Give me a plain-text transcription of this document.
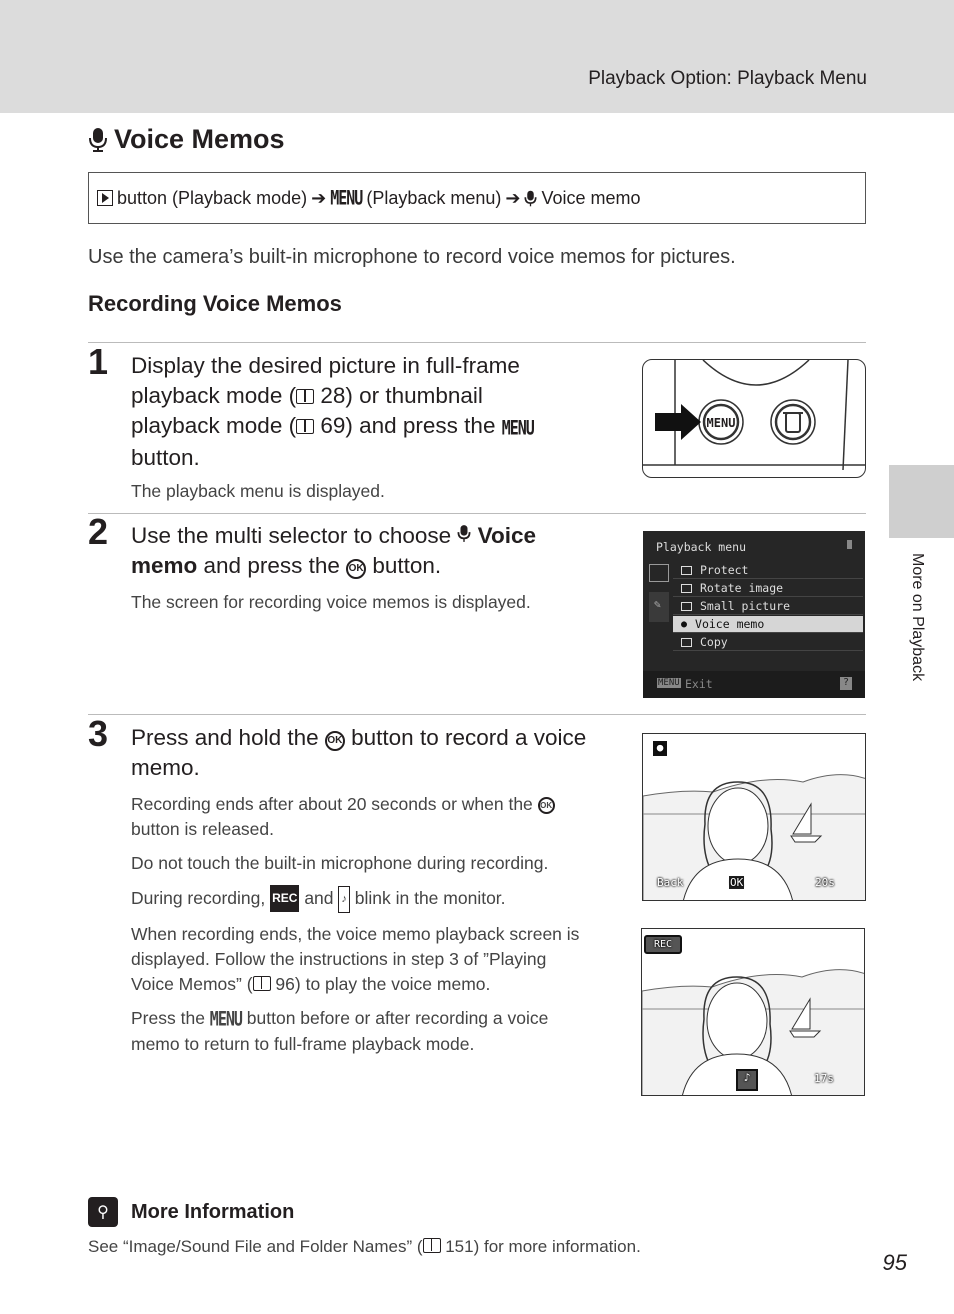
Playback Option: Playback Menu
Voice Memos
button (Playback mode) ➔ MENU (Playback menu) ➔ Voice memo
Use the camera’s built-in microphone to record voice memos for pictures.
Recording Voice Memos
1 Display the desired picture in full-frame
playback mode ( 28) or thumbnail
playback mode ( 69) and press the MENU
button.
The playback menu is displayed.
MENU
2 Use the multi selector to choose  Voice
memo and press the OK button.
The screen for recording voice memos is displayed.
Playback menu
✎
Protect
Rotate image
Small picture
● Voice memo
Copy
MENU Exit	?
3 Press and hold the OK button to record a voice
memo.
Recording ends after about 20 seconds or when the OK
button is released.
Do not touch the built-in microphone during recording.
During recording, REC and ♪ blink in the monitor.
When recording ends, the voice memo playback screen is
displayed. Follow the instructions in step 3 of ”Playing
Voice Memos” ( 96) to play the voice memo.
Press the MENU button before or after recording a voice
memo to return to full-frame playback mode.
●
Back	OK	20s
REC
♪	17s
More on Playback
⚲	More Information
See “Image/Sound File and Folder Names” ( 151) for more information.
95
